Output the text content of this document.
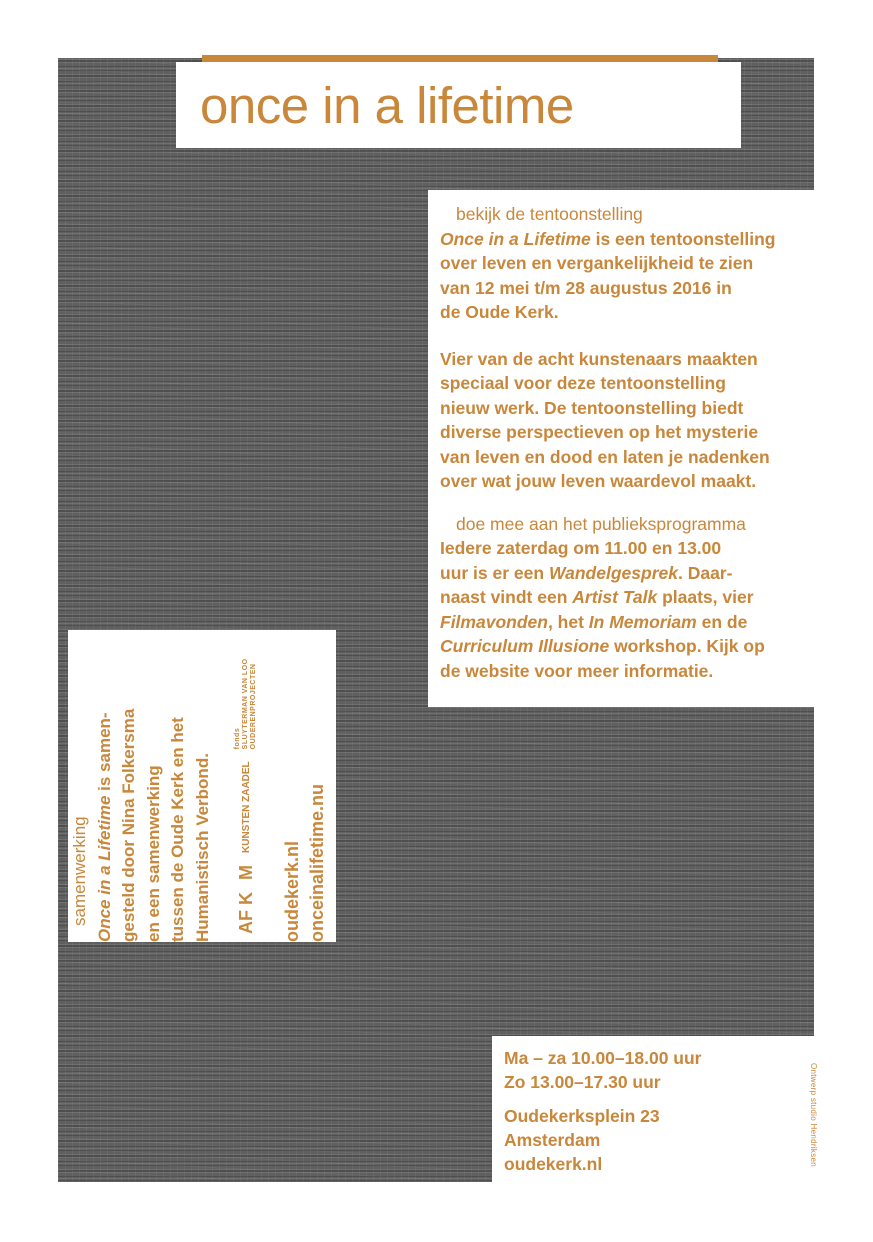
once in a lifetime

bekijk de tentoonstelling

Once in a Lifetime is een tentoonstelling

over leven en vergankelijkheid te zien

van 12 mei t/m 28 augustus 2016 in

de Oude Kerk.

Vier van de acht kunstenaars maakten

speciaal voor deze tentoonstelling

nieuw werk. De tentoonstelling biedt

diverse perspectieven op het mysterie

van leven en dood en laten je nadenken

over wat jouw leven waardevol maakt.

doe mee aan het publieksprogramma

Iedere zaterdag om 11.00 en 13.00

uur is er een Wandelgesprek. Daar-

naast vindt een Artist Talk plaats, vier

Filmavonden, het In Memoriam en de

Curriculum Illusione workshop. Kijk op

de website voor meer informatie.

samenwerking Once in a Lifetime is samen- gesteld door Nina Folkersma en een samenwerking tussen de Oude Kerk en het Humanistisch Verbond. AF K
M
KUNSTEN ZAADEL
fonds SLUYTERMAN VAN LOO OUDERENPROJECTEN

oudekerk.nl onceinalifetime.nu

Ma – za 10.00–18.00 uur

Zo 13.00–17.30 uur

Oudekerksplein 23

Amsterdam

oudekerk.nl	Ontwerp studio Hendriksen
